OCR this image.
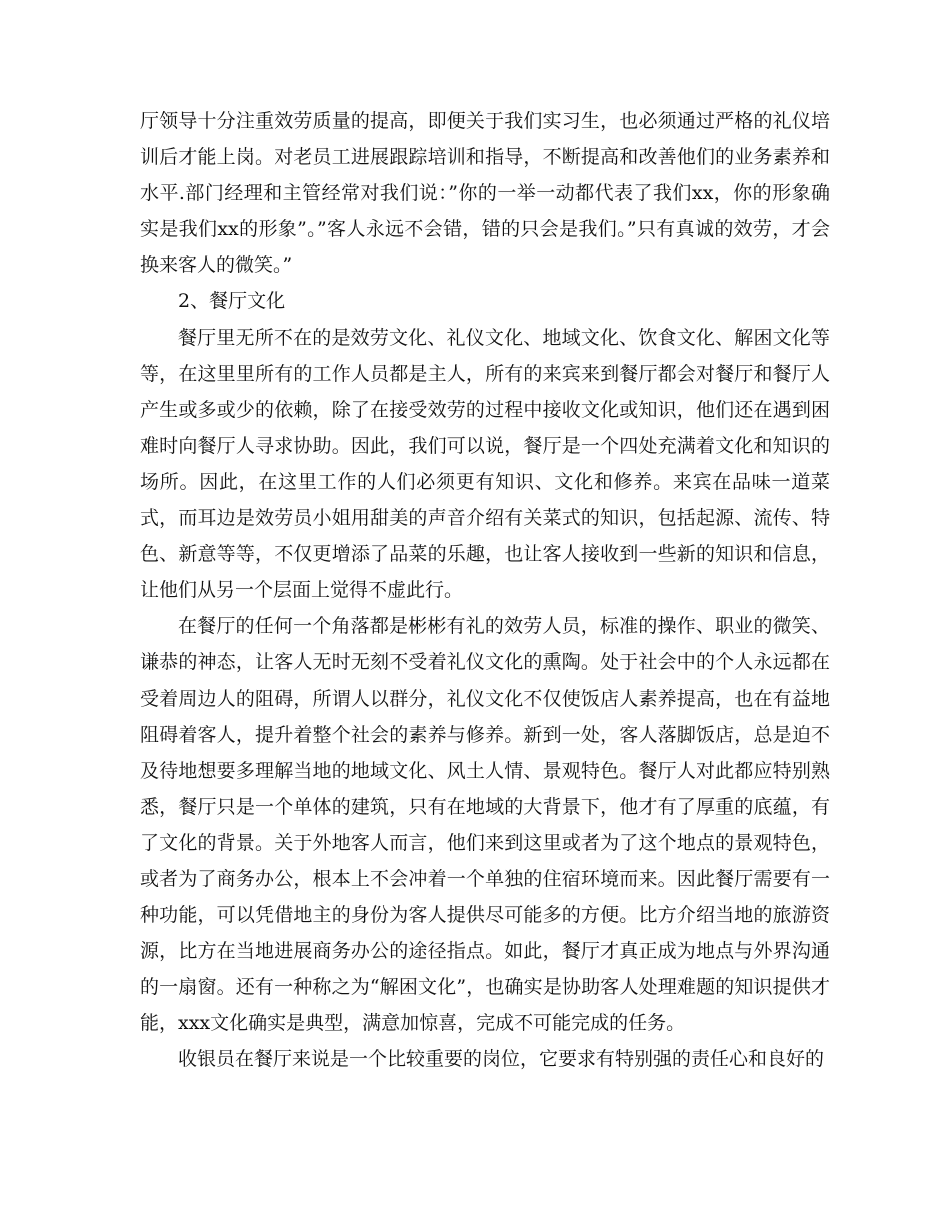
厅领导十分注重效劳质量的提高，即便关于我们实习生，也必须通过严格的礼仪培训后才能上岗。对老员工进展跟踪培训和指导，不断提高和改善他们的业务素养和水平.部门经理和主管经常对我们说：”你的一举一动都代表了我们xx，你的形象确实是我们xx的形象”。”客人永远不会错，错的只会是我们。”只有真诚的效劳，才会换来客人的微笑。”

2、餐厅文化

餐厅里无所不在的是效劳文化、礼仪文化、地域文化、饮食文化、解困文化等等，在这里里所有的工作人员都是主人，所有的来宾来到餐厅都会对餐厅和餐厅人产生或多或少的依赖，除了在接受效劳的过程中接收文化或知识，他们还在遇到困难时向餐厅人寻求协助。因此，我们可以说，餐厅是一个四处充满着文化和知识的场所。因此，在这里工作的人们必须更有知识、文化和修养。来宾在品味一道菜式，而耳边是效劳员小姐用甜美的声音介绍有关菜式的知识，包括起源、流传、特色、新意等等，不仅更增添了品菜的乐趣，也让客人接收到一些新的知识和信息，让他们从另一个层面上觉得不虚此行。

在餐厅的任何一个角落都是彬彬有礼的效劳人员，标准的操作、职业的微笑、谦恭的神态，让客人无时无刻不受着礼仪文化的熏陶。处于社会中的个人永远都在受着周边人的阻碍，所谓人以群分，礼仪文化不仅使饭店人素养提高，也在有益地阻碍着客人，提升着整个社会的素养与修养。新到一处，客人落脚饭店，总是迫不及待地想要多理解当地的地域文化、风土人情、景观特色。餐厅人对此都应特别熟悉，餐厅只是一个单体的建筑，只有在地域的大背景下，他才有了厚重的底蕴，有了文化的背景。关于外地客人而言，他们来到这里或者为了这个地点的景观特色，或者为了商务办公，根本上不会冲着一个单独的住宿环境而来。因此餐厅需要有一种功能，可以凭借地主的身份为客人提供尽可能多的方便。比方介绍当地的旅游资源，比方在当地进展商务办公的途径指点。如此，餐厅才真正成为地点与外界沟通的一扇窗。还有一种称之为“解困文化”，也确实是协助客人处理难题的知识提供才能，xxx文化确实是典型，满意加惊喜，完成不可能完成的任务。

收银员在餐厅来说是一个比较重要的岗位，它要求有特别强的责任心和良好的
